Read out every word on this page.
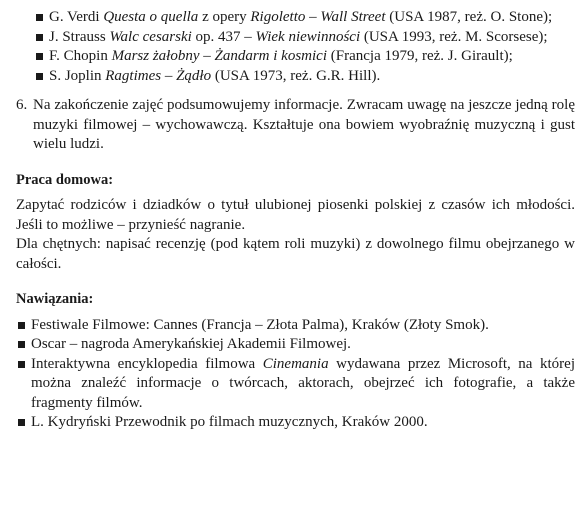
G. Verdi Questa o quella z opery Rigoletto – Wall Street (USA 1987, reż. O. Stone);
J. Strauss Walc cesarski op. 437 – Wiek niewinności (USA 1993, reż. M. Scorsese);
F. Chopin Marsz żałobny – Żandarm i kosmici (Francja 1979, reż. J. Girault);
S. Joplin Ragtimes – Żądło (USA 1973, reż. G.R. Hill).
6. Na zakończenie zajęć podsumowujemy informacje. Zwracam uwagę na jeszcze jedną rolę muzyki filmowej – wychowawczą. Kształtuje ona bowiem wyobraźnię muzyczną i gust wielu ludzi.
Praca domowa:

Zapytać rodziców i dziadków o tytuł ulubionej piosenki polskiej z czasów ich młodości. Jeśli to możliwe – przynieść nagranie.

Dla chętnych: napisać recenzję (pod kątem roli muzyki) z dowolnego filmu obejrzanego w całości.

Nawiązania:
Festiwale Filmowe: Cannes (Francja – Złota Palma), Kraków (Złoty Smok).
Oscar – nagroda Amerykańskiej Akademii Filmowej.
Interaktywna encyklopedia filmowa Cinemania wydawana przez Microsoft, na której można znaleźć informacje o twórcach, aktorach, obejrzeć ich fotografie, a także fragmenty filmów.
L. Kydryński Przewodnik po filmach muzycznych, Kraków 2000.
